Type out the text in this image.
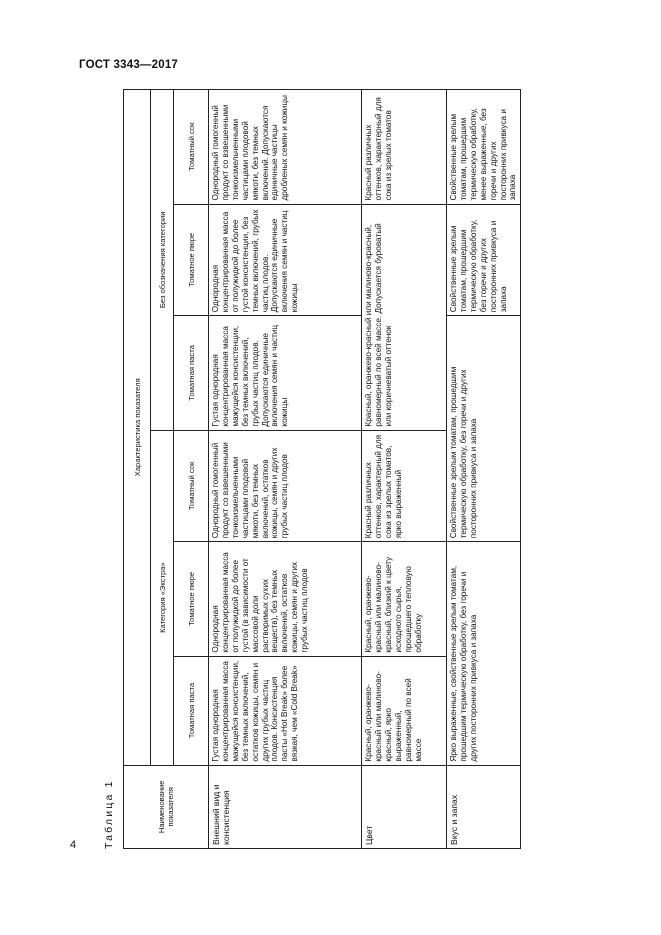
ГОСТ 3343—2017
Таблица 1	Наименование показателя	Характеристика показателя					
	Категория «Экстра»			Без обозначения категории		
	Томатная паста	Томатное пюре	Томатный сок	Томатная паста	Томатное пюре	Томатный сок
Внешний вид и консистенция	Густая однородная концентрированная масса мажущейся консистенции, без темных включений, остатков кожицы, семян и других грубых частиц плодов. Консистенция пасты «Hot Break» более вязкая, чем «Cold Break»	Однородная концентрированная масса от полужидкой до более густой (в зависимости от массовой доли растворимых сухих веществ), без темных включений, остатков кожицы, семян и других грубых частиц плодов	Однородный гомогенный продукт со взвешенными тонкоизмельченными частицами плодовой мякоти, без темных включений, остатков кожицы, семян и других грубых частиц плодов	Густая однородная концентрированная масса мажущейся консистенции, без темных включений, грубых частиц плодов. Допускаются единичные включения семян и частиц кожицы	Однородная концентрированная масса от полужидкой до более густой консистенции, без темных включений, грубых частиц плодов. Допускаются единичные включения семян и частиц кожицы	Однородный гомогенный продукт со взвешенными тонкоизмельченными частицами плодовой мякоти, без темных включений. Допускаются единичные частицы дробленых семян и кожицы
Цвет	Красный, оранжево-красный или малиново-красный, ярко выраженный, равномерный по всей массе	Красный, оранжево-красный или малиново-красный, близкий к цвету исходного сырья, прошедшего тепловую обработку	Красный различных оттенков, характерный для сока из зрелых томатов, ярко выраженный	Красный, оранжево-красный или малиново-красный, равномерный по всей массе. Допускается буроватый или коричневатый оттенок		Красный различных оттенков, характерный для сока из зрелых томатов
Вкус и запах	Ярко выраженные, свойственные зрелым томатам, прошедшим термическую обработку, без горечи и других посторонних привкуса и запаха		Свойственные зрелым томатам, прошедшим термическую обработку, без горечи и других посторонних привкуса и запаха		Свойственные зрелым томатам, прошедшим термическую обработку, без горечи и других посторонних привкуса и запаха	Свойственные зрелым томатам, прошедшим термическую обработку, менее выраженные, без горечи и других посторонних привкуса и запаха
4
